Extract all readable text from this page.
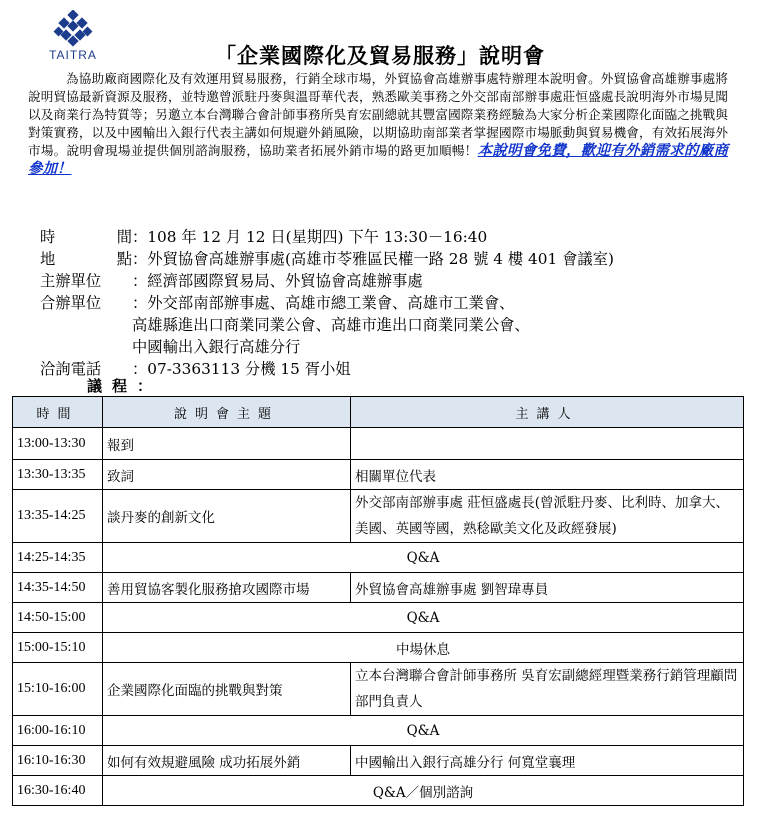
TAITRA	「企業國際化及貿易服務」說明會
為協助廠商國際化及有效運用貿易服務，行銷全球市場，外貿協會高雄辦事處特辦理本說明會。外貿協會高雄辦事處將說明貿協最新資源及服務，並特邀曾派駐丹麥與溫哥華代表，熟悉歐美事務之外交部南部辦事處莊恒盛處長說明海外市場見聞以及商業行為特質等；另邀立本台灣聯合會計師事務所吳育宏副總就其豐富國際業務經驗為大家分析企業國際化面臨之挑戰與對策實務，以及中國輸出入銀行代表主講如何規避外銷風險，以期協助南部業者掌握國際市場脈動與貿易機會，有效拓展海外市場。說明會現場並提供個別諮詢服務，協助業者拓展外銷市場的路更加順暢！本說明會免費，歡迎有外銷需求的廠商參加！
時	間 ：108 年 12 月 12 日(星期四) 下午 13:30－16:40
地	點 ：外貿協會高雄辦事處(高雄市苓雅區民權一路 28 號 4 樓 401 會議室)
主辦單位	：經濟部國際貿易局、外貿協會高雄辦事處
合辦單位	：外交部南部辦事處、高雄市總工業會、高雄市工業會、
高雄縣進出口商業同業公會、高雄市進出口商業同業公會、
中國輸出入銀行高雄分行
洽詢電話	：07-3363113 分機 15 胥小姐
議程：
時間	說明會主題	主講人
13:00-13:30	報到	
13:30-13:35	致詞	相關單位代表
13:35-14:25	談丹麥的創新文化	外交部南部辦事處 莊恒盛處長(曾派駐丹麥、比利時、加拿大、美國、英國等國，熟稔歐美文化及政經發展)
14:25-14:35	Q&A	
14:35-14:50	善用貿協客製化服務搶攻國際市場	外貿協會高雄辦事處 劉智瑋專員
14:50-15:00	Q&A	
15:00-15:10	中場休息	
15:10-16:00	企業國際化面臨的挑戰與對策	立本台灣聯合會計師事務所 吳育宏副總經理暨業務行銷管理顧問部門負責人
16:00-16:10	Q&A	
16:10-16:30	如何有效規避風險 成功拓展外銷	中國輸出入銀行高雄分行 何寬堂襄理
16:30-16:40	Q&A／個別諮詢	
